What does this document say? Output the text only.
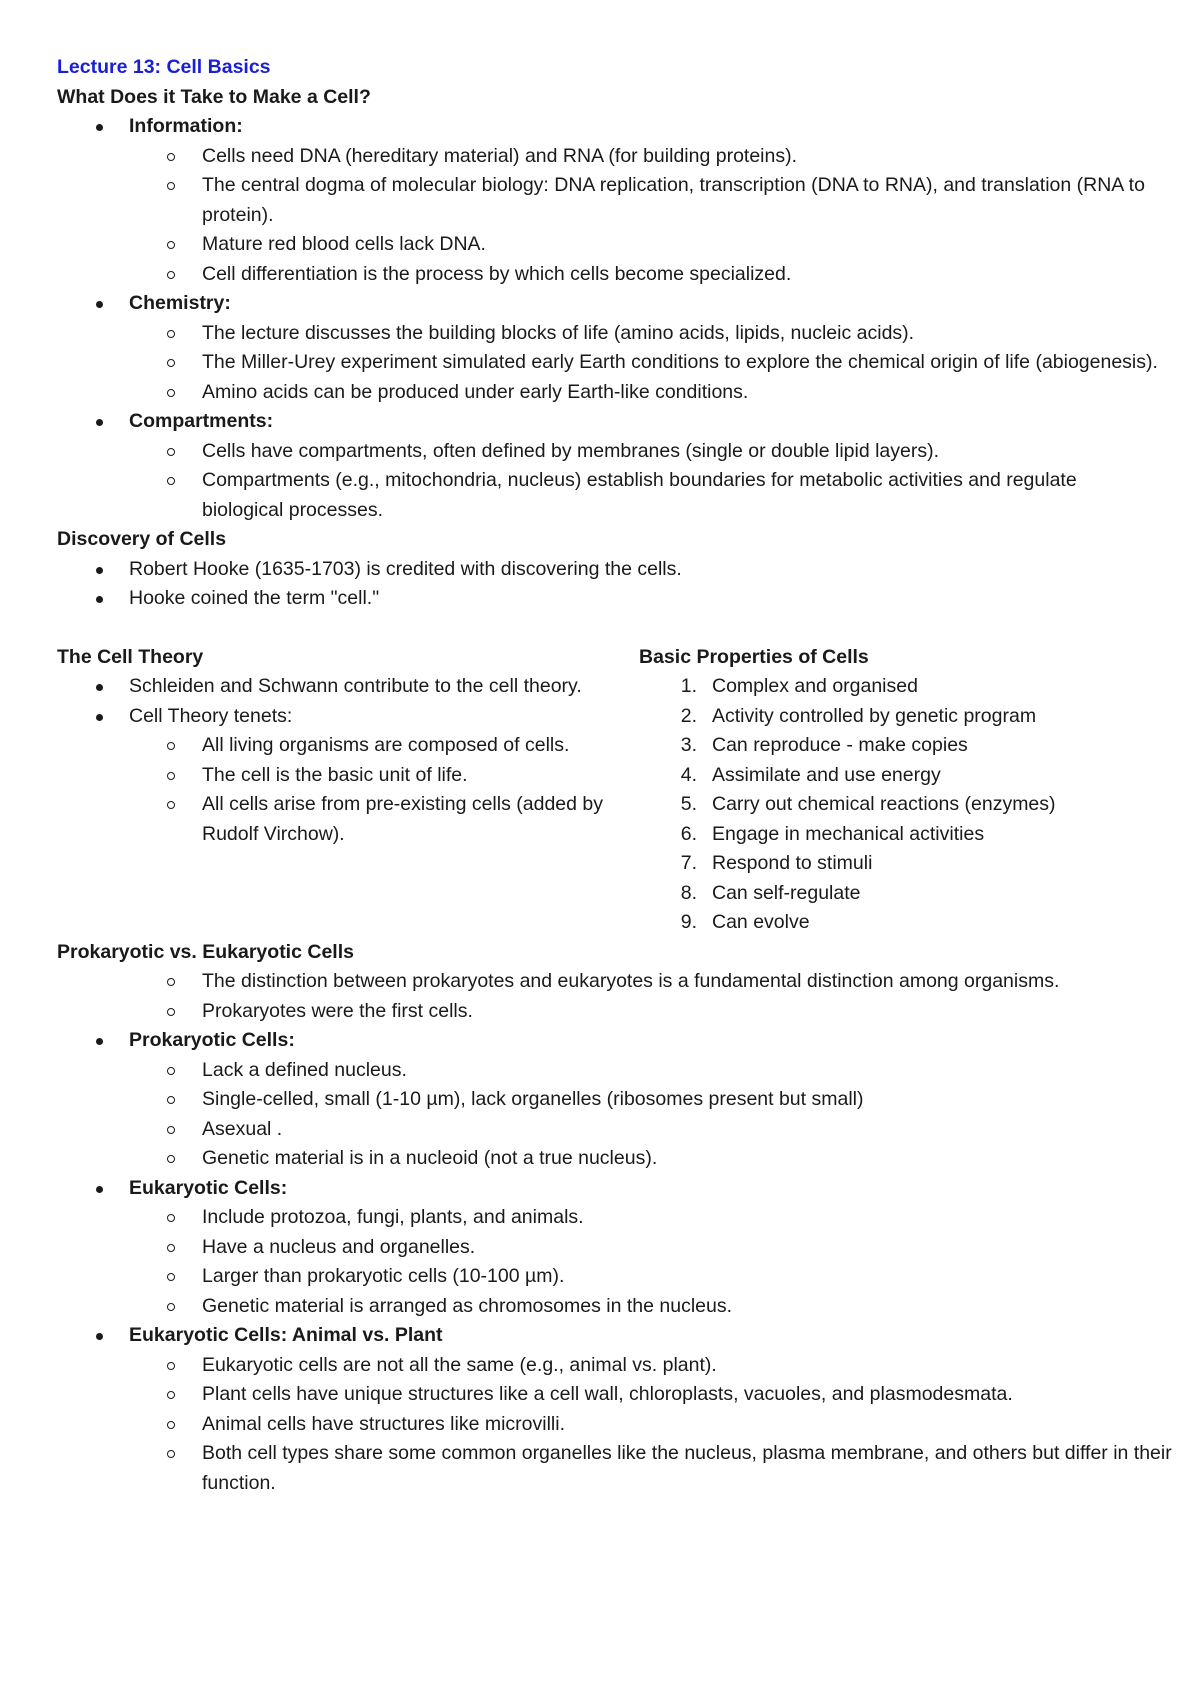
Lecture 13: Cell Basics
What Does it Take to Make a Cell?
Information:
Cells need DNA (hereditary material) and RNA (for building proteins).
The central dogma of molecular biology: DNA replication, transcription (DNA to RNA), and translation (RNA to protein).
Mature red blood cells lack DNA.
Cell differentiation is the process by which cells become specialized.
Chemistry:
The lecture discusses the building blocks of life (amino acids, lipids, nucleic acids).
The Miller-Urey experiment simulated early Earth conditions to explore the chemical origin of life (abiogenesis).
Amino acids can be produced under early Earth-like conditions.
Compartments:
Cells have compartments, often defined by membranes (single or double lipid layers).
Compartments (e.g., mitochondria, nucleus) establish boundaries for metabolic activities and regulate biological processes.
Discovery of Cells
Robert Hooke (1635-1703) is credited with discovering the cells.
Hooke coined the term "cell."
The Cell Theory
Schleiden and Schwann contribute to the cell theory.
Cell Theory tenets:
All living organisms are composed of cells.
The cell is the basic unit of life.
All cells arise from pre-existing cells (added by Rudolf Virchow).
Basic Properties of Cells
1. Complex and organised
2. Activity controlled by genetic program
3. Can reproduce - make copies
4. Assimilate and use energy
5. Carry out chemical reactions (enzymes)
6. Engage in mechanical activities
7. Respond to stimuli
8. Can self-regulate
9. Can evolve
Prokaryotic vs. Eukaryotic Cells
The distinction between prokaryotes and eukaryotes is a fundamental distinction among organisms.
Prokaryotes were the first cells.
Prokaryotic Cells:
Lack a defined nucleus.
Single-celled, small (1-10 µm), lack organelles (ribosomes present but small)
Asexual .
Genetic material is in a nucleoid (not a true nucleus).
Eukaryotic Cells:
Include protozoa, fungi, plants, and animals.
Have a nucleus and organelles.
Larger than prokaryotic cells (10-100 µm).
Genetic material is arranged as chromosomes in the nucleus.
Eukaryotic Cells: Animal vs. Plant
Eukaryotic cells are not all the same (e.g., animal vs. plant).
Plant cells have unique structures like a cell wall, chloroplasts, vacuoles, and plasmodesmata.
Animal cells have structures like microvilli.
Both cell types share some common organelles like the nucleus, plasma membrane, and others but differ in their function.
